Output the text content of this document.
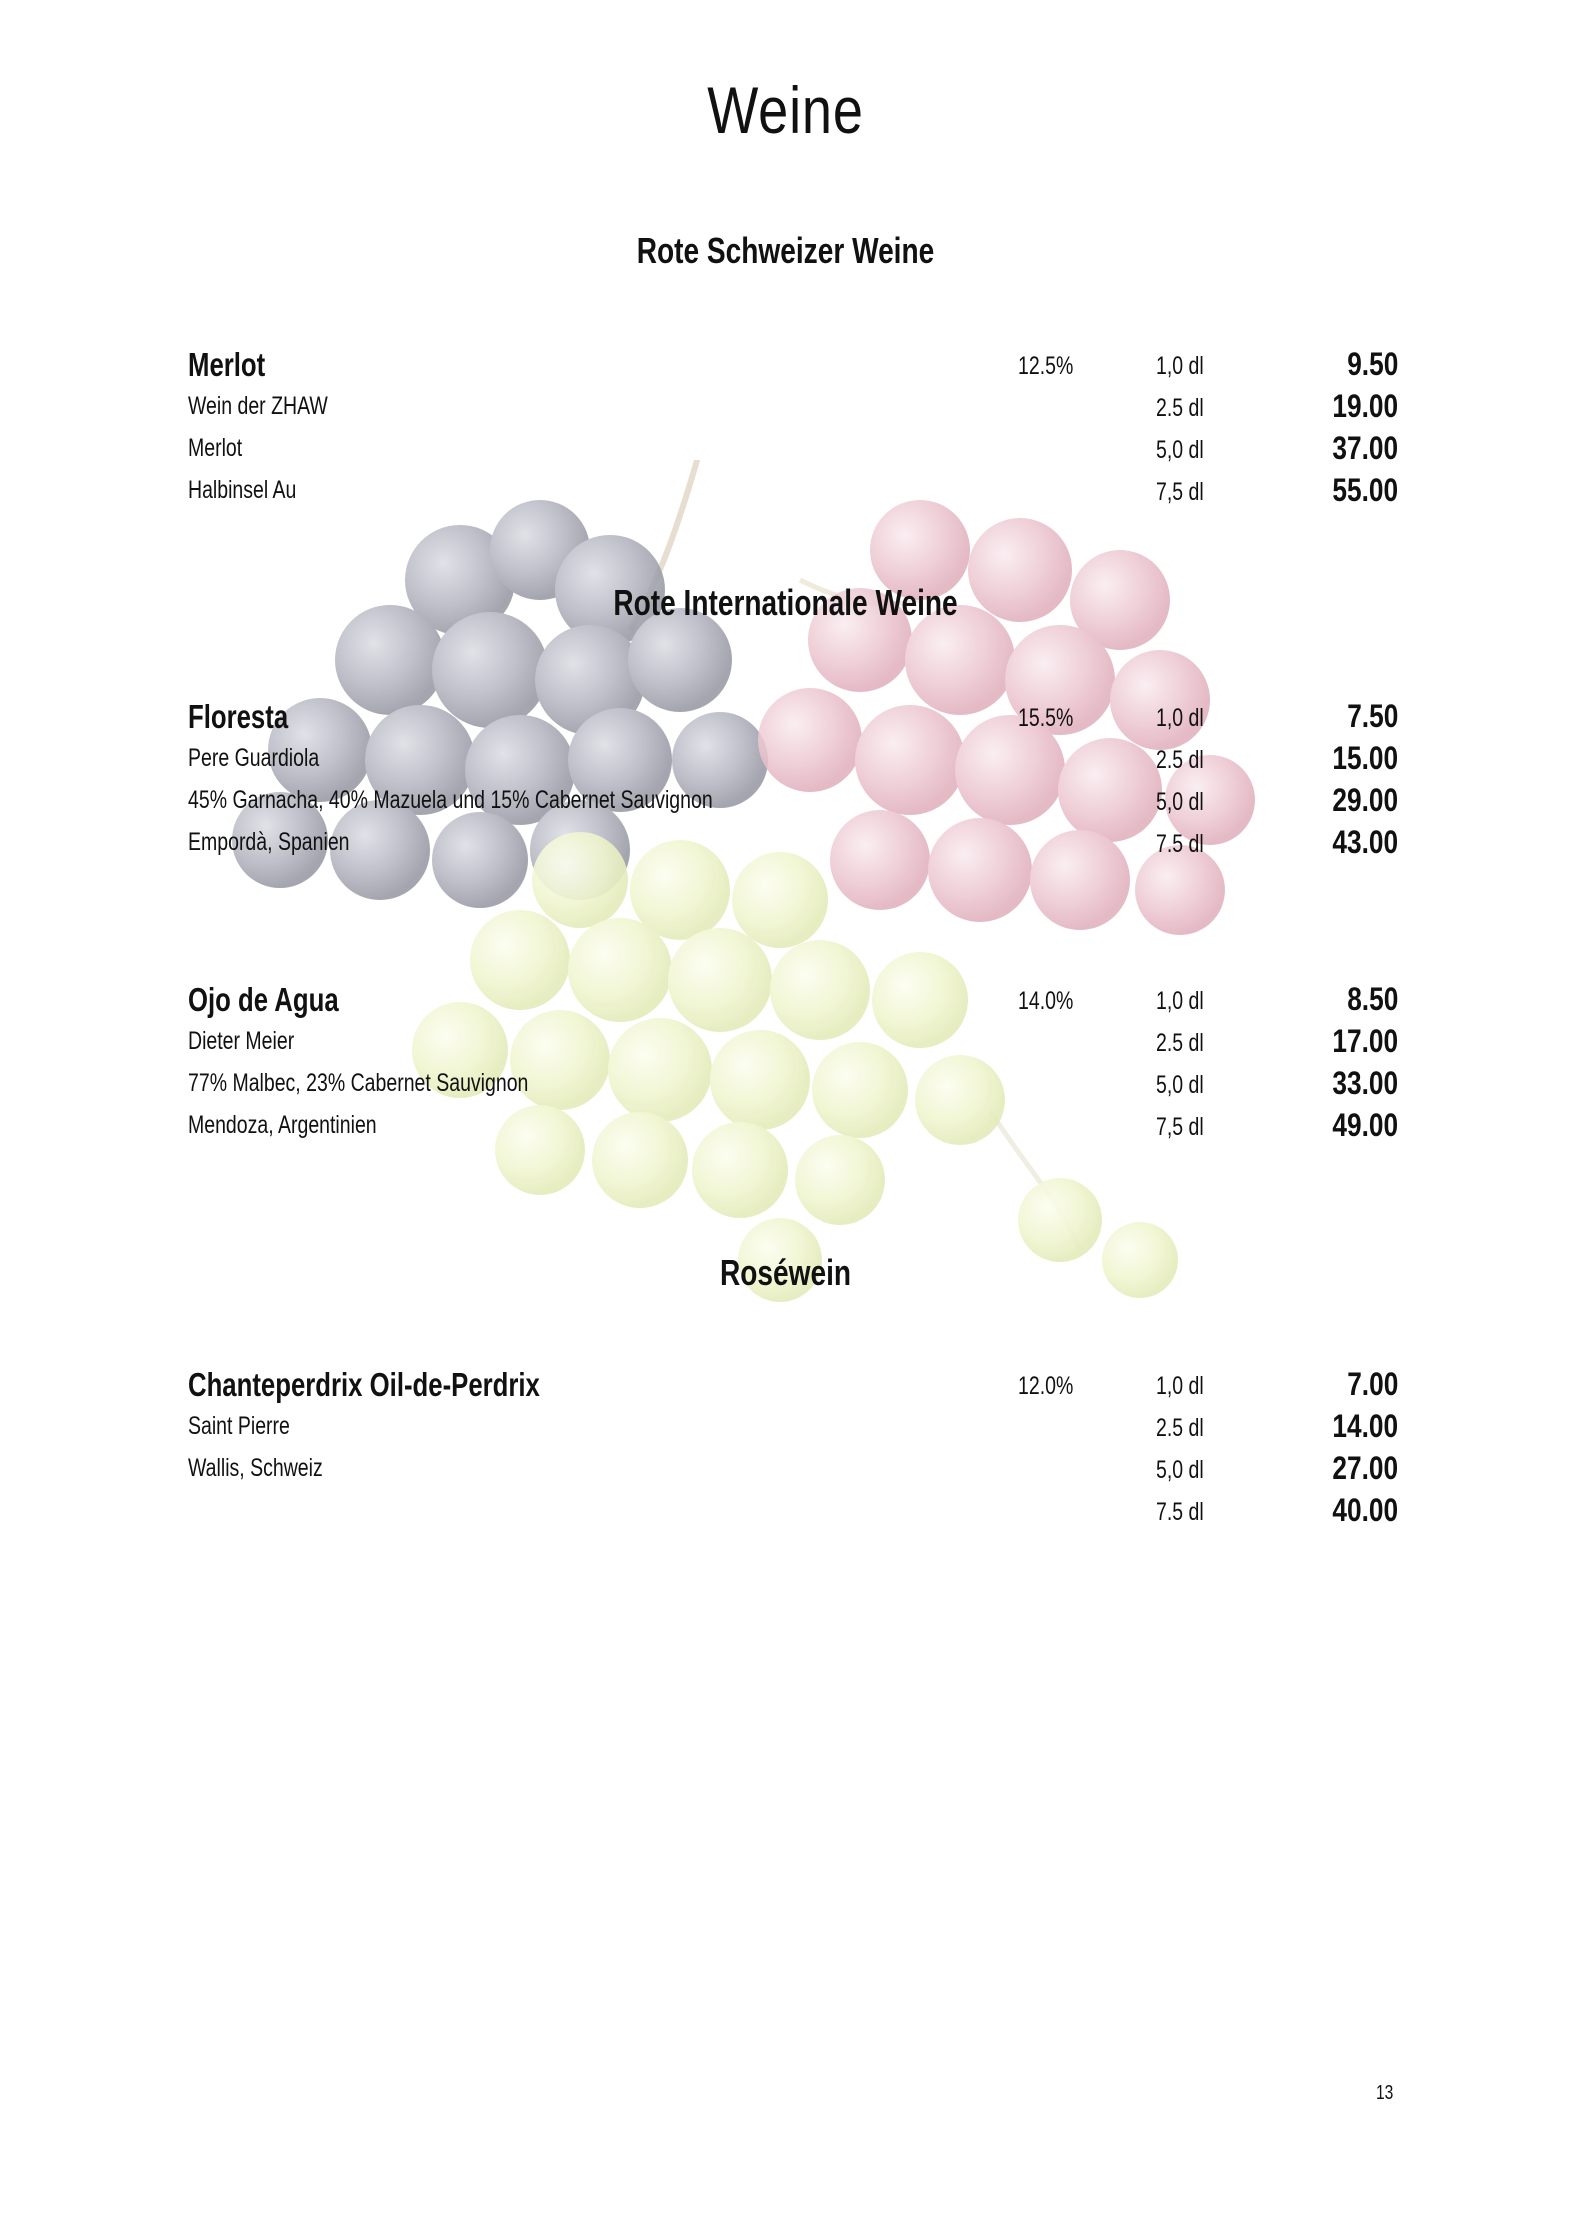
Weine
Rote Schweizer Weine
Merlot	12.5%	1,0 dl	9.50
Wein der ZHAW	2.5 dl	19.00
Merlot	5,0 dl	37.00
Halbinsel Au	7,5 dl	55.00
Rote Internationale Weine
Floresta	15.5%	1,0 dl	7.50
Pere Guardiola	2.5 dl	15.00
45% Garnacha, 40% Mazuela und 15% Cabernet Sauvignon	5,0 dl	29.00
Empordà, Spanien	7.5 dl	43.00
Ojo de Agua	14.0%	1,0 dl	8.50
Dieter Meier	2.5 dl	17.00
77% Malbec, 23% Cabernet Sauvignon	5,0 dl	33.00
Mendoza, Argentinien	7,5 dl	49.00
Roséwein
Chanteperdrix Oil-de-Perdrix	12.0%	1,0 dl	7.00
Saint Pierre	2.5 dl	14.00
Wallis, Schweiz	5,0 dl	27.00
7.5 dl	40.00
13
